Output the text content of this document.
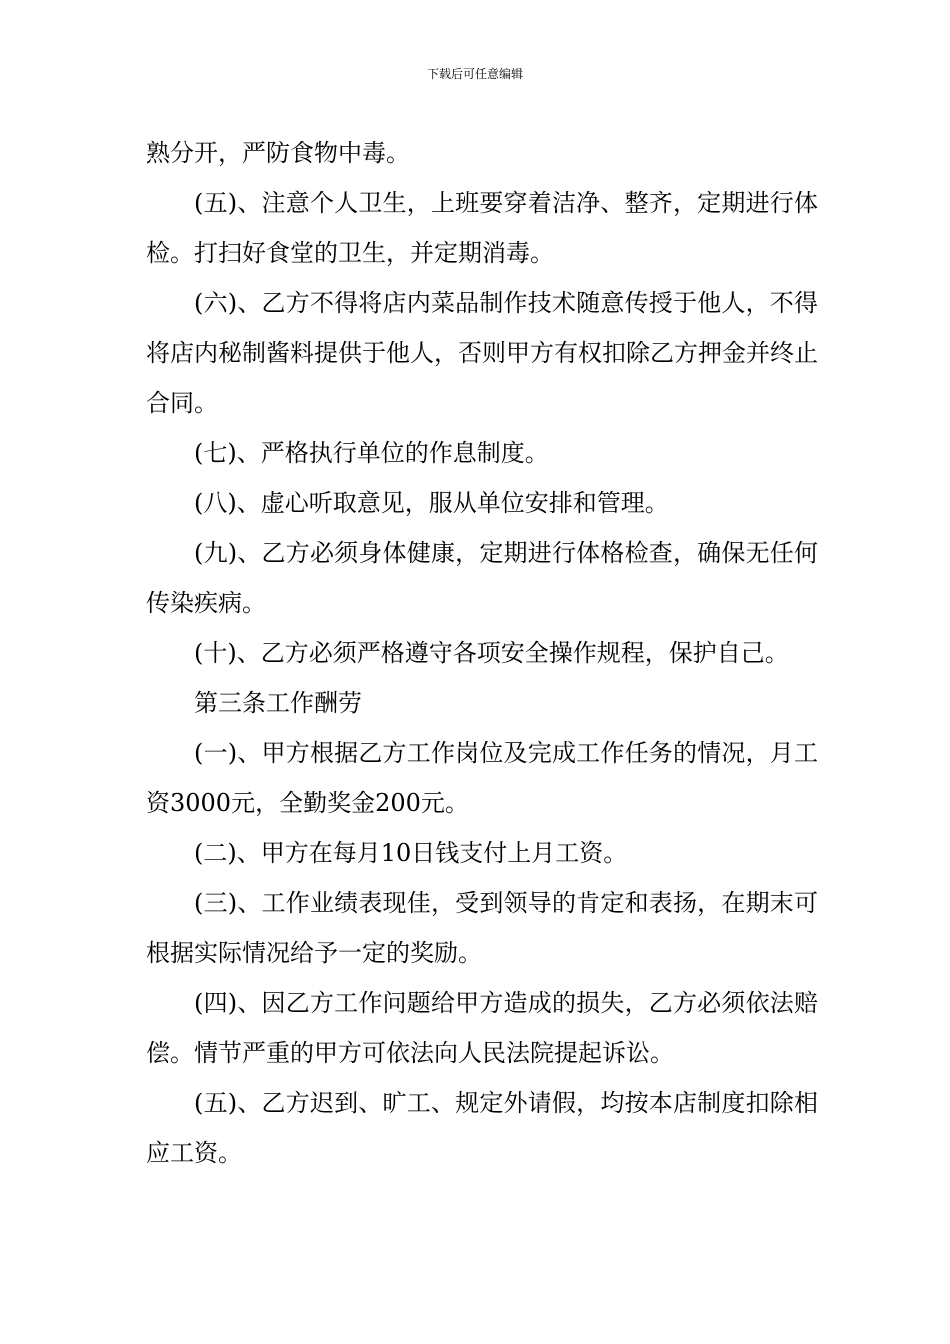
下载后可任意编辑

熟分开，严防食物中毒。

(五)、注意个人卫生，上班要穿着洁净、整齐，定期进行体检。打扫好食堂的卫生，并定期消毒。

(六)、乙方不得将店内菜品制作技术随意传授于他人，不得将店内秘制酱料提供于他人，否则甲方有权扣除乙方押金并终止合同。

(七)、严格执行单位的作息制度。

(八)、虚心听取意见，服从单位安排和管理。

(九)、乙方必须身体健康，定期进行体格检查，确保无任何传染疾病。

(十)、乙方必须严格遵守各项安全操作规程，保护自己。

第三条工作酬劳

(一)、甲方根据乙方工作岗位及完成工作任务的情况，月工资3000元，全勤奖金200元。

(二)、甲方在每月10日钱支付上月工资。

(三)、工作业绩表现佳，受到领导的肯定和表扬，在期末可根据实际情况给予一定的奖励。

(四)、因乙方工作问题给甲方造成的损失，乙方必须依法赔偿。情节严重的甲方可依法向人民法院提起诉讼。

(五)、乙方迟到、旷工、规定外请假，均按本店制度扣除相应工资。
